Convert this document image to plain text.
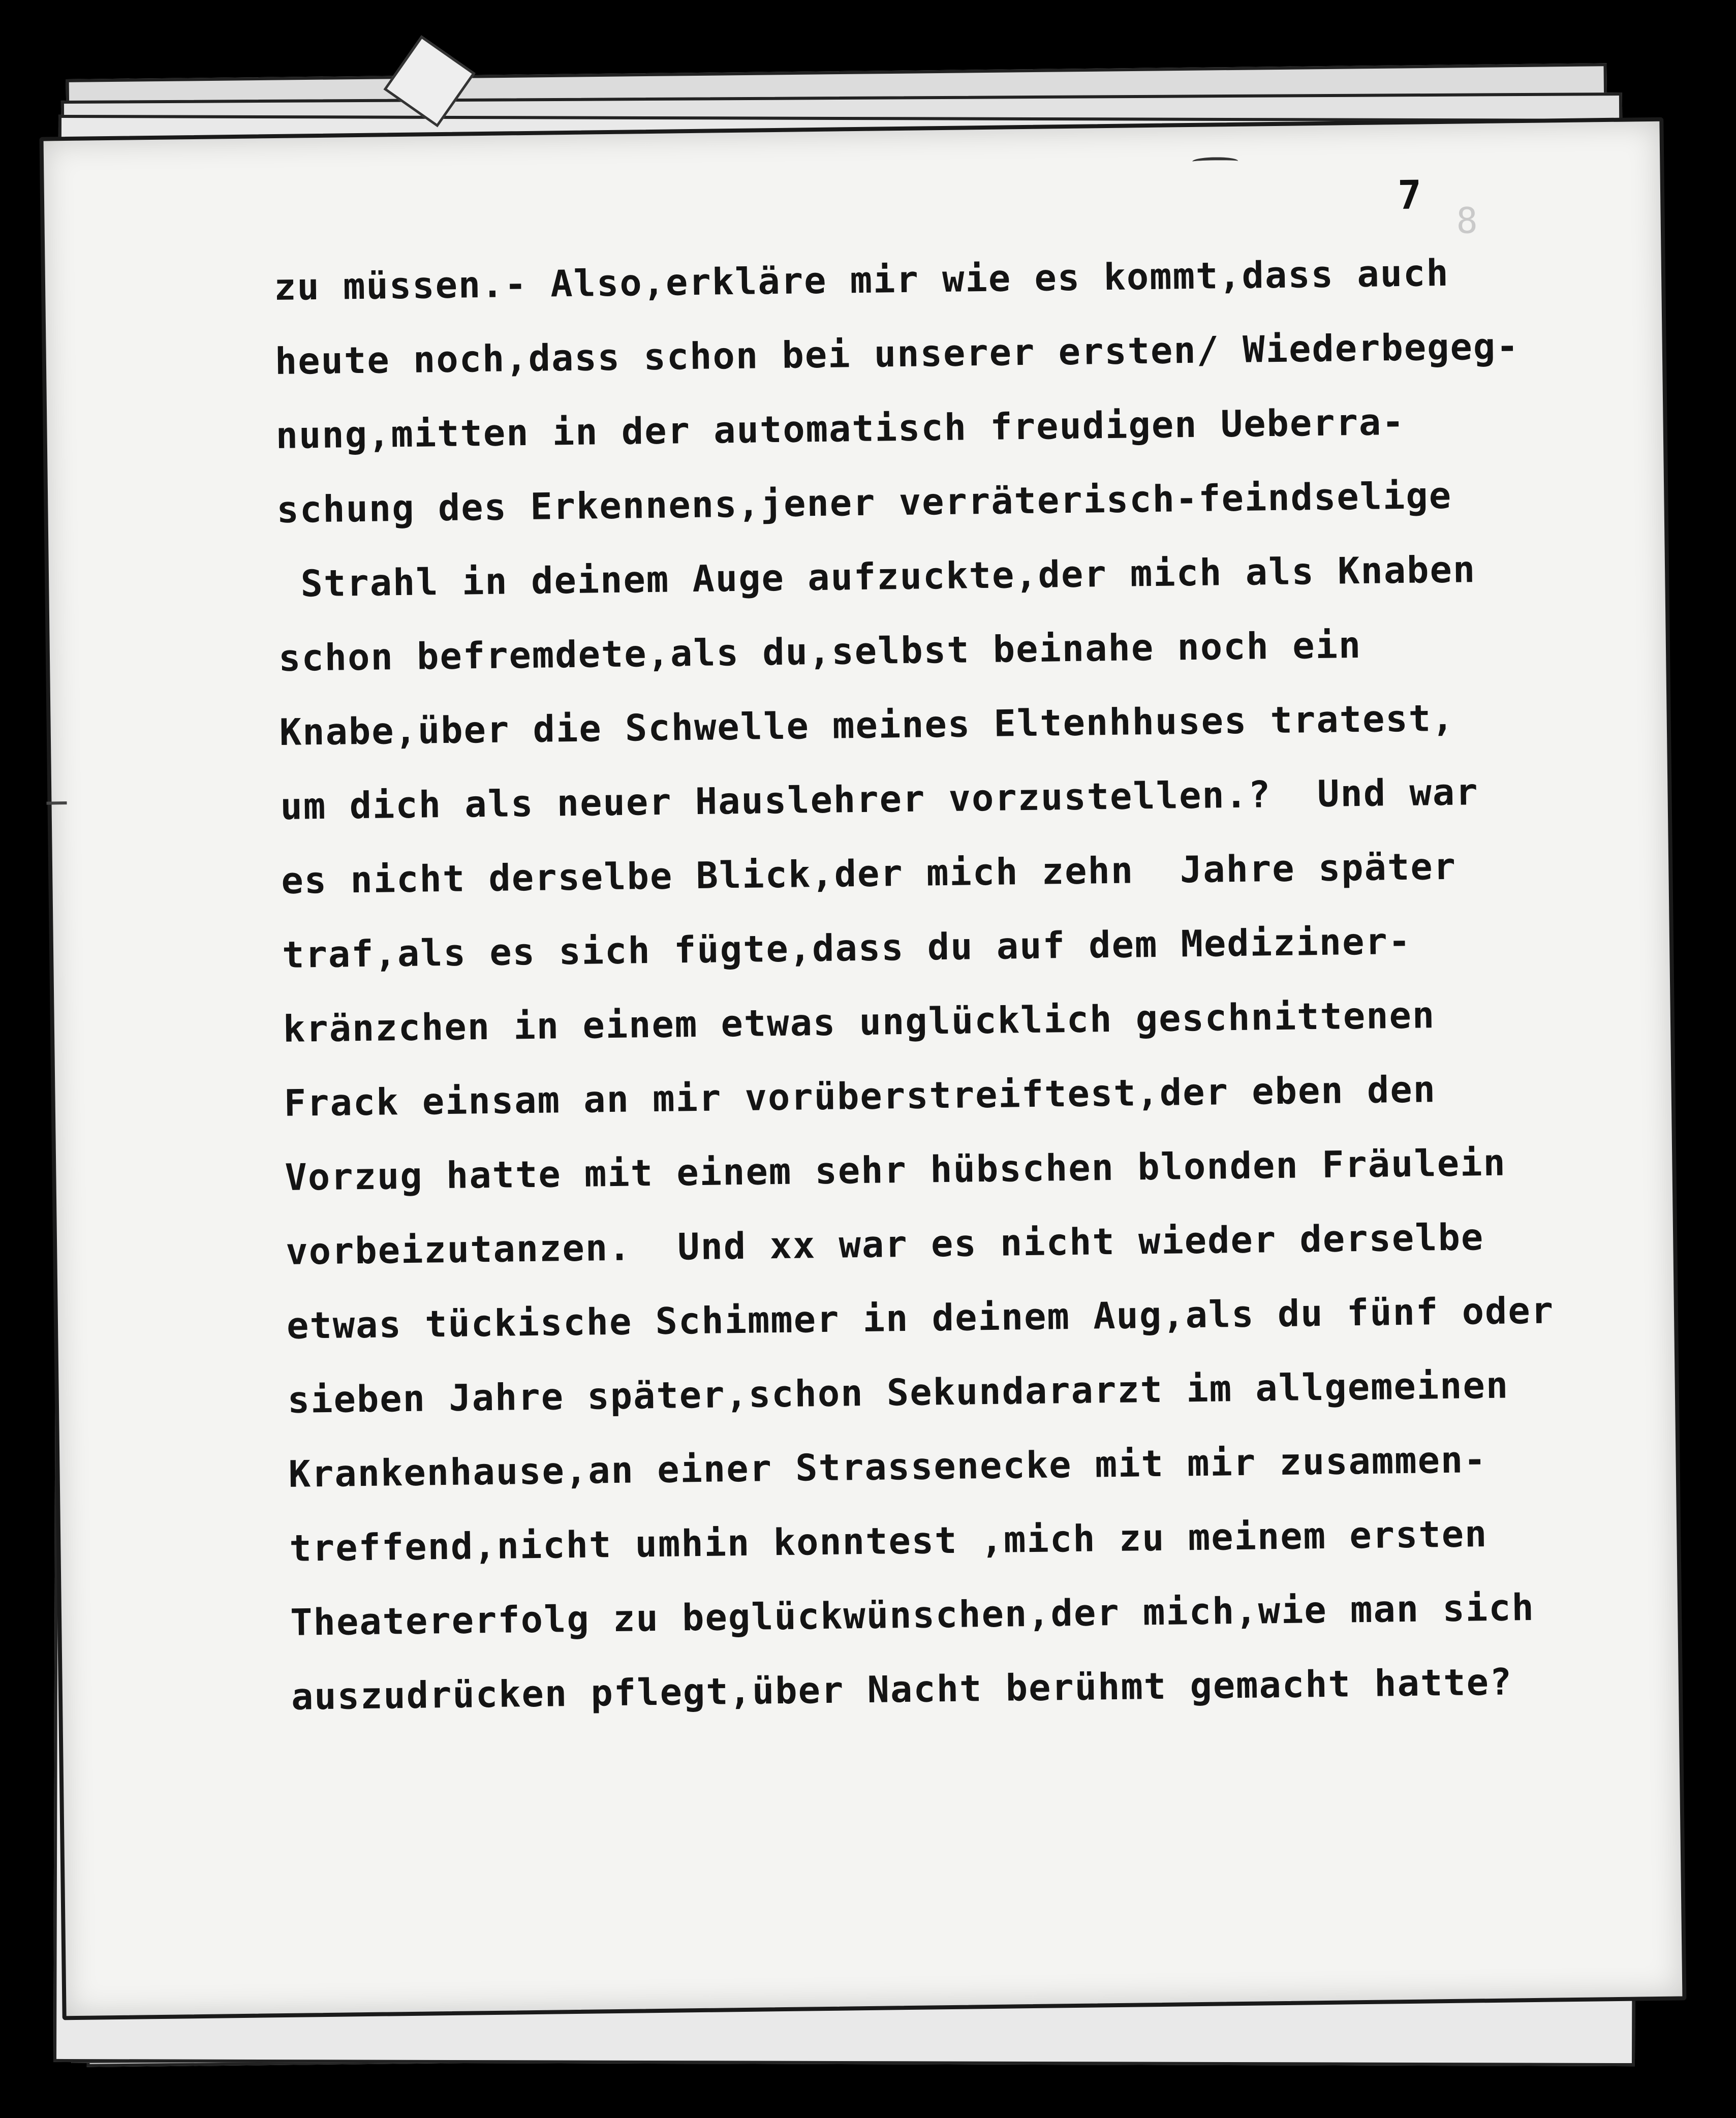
8
7
zu müssen.- Also,erkläre mir wie es kommt,dass auch
heute noch,dass schon bei unserer ersten/ Wiederbegeg-
nung,mitten in der automatisch freudigen Ueberra-
schung des Erkennens,jener verräterisch-feindselige
Strahl in deinem Auge aufzuckte,der mich als Knaben
schon befremdete,als du,selbst beinahe noch ein
Knabe,über die Schwelle meines Eltenhhuses tratest,
um dich als neuer Hauslehrer vorzustellen.?  Und war
es nicht derselbe Blick,der mich zehn  Jahre später
traf,als es sich fügte,dass du auf dem Mediziner-
kränzchen in einem etwas unglücklich geschnittenen
Frack einsam an mir vorüberstreiftest,der eben den
Vorzug hatte mit einem sehr hübschen blonden Fräulein
vorbeizutanzen.  Und xx war es nicht wieder derselbe
etwas tückische Schimmer in deinem Aug,als du fünf oder
sieben Jahre später,schon Sekundararzt im allgemeinen
Krankenhause,an einer Strassenecke mit mir zusammen-
treffend,nicht umhin konntest ,mich zu meinem ersten
Theatererfolg zu beglückwünschen,der mich,wie man sich
auszudrücken pflegt,über Nacht berühmt gemacht hatte?
